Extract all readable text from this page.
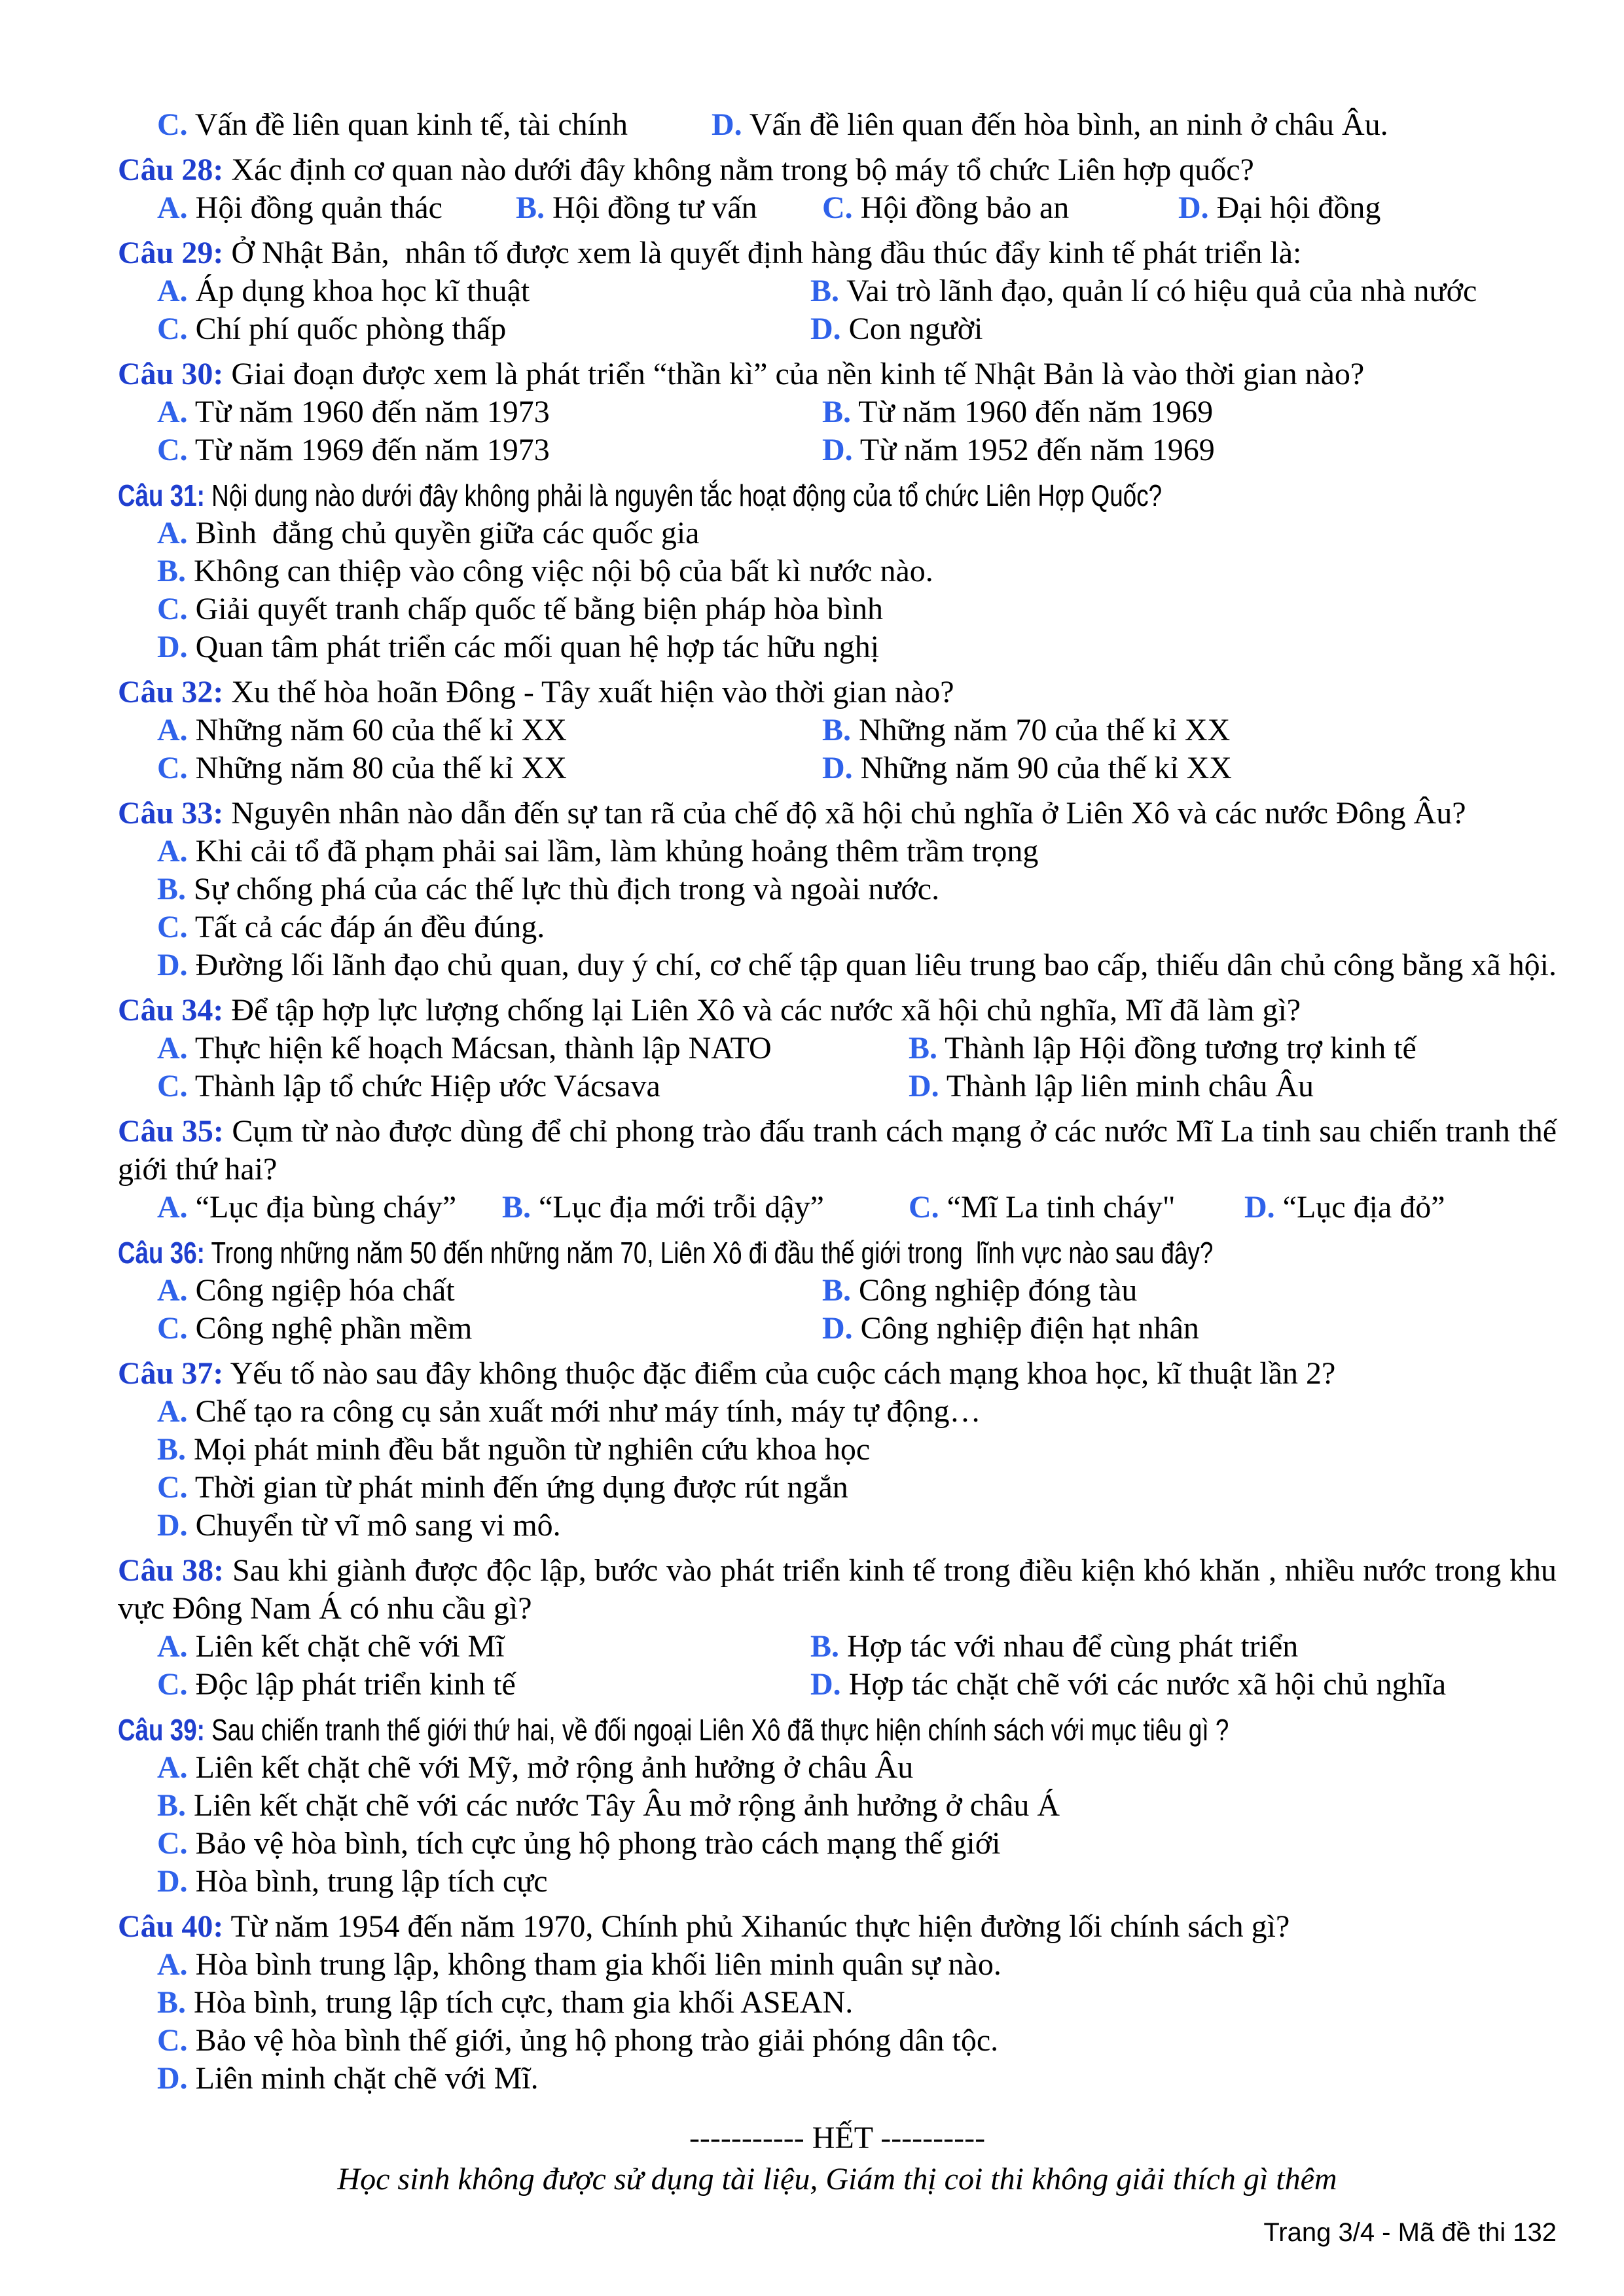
C. Vấn đề liên quan kinh tế, tài chính	D. Vấn đề liên quan đến hòa bình, an ninh ở châu Âu.
Câu 28: Xác định cơ quan nào dưới đây không nằm trong bộ máy tổ chức Liên hợp quốc?
A. Hội đồng quản thác B. Hội đồng tư vấn C. Hội đồng bảo an	D. Đại hội đồng
Câu 29: Ở Nhật Bản,  nhân tố được xem là quyết định hàng đầu thúc đẩy kinh tế phát triển là:
A. Áp dụng khoa học kĩ thuật	B. Vai trò lãnh đạo, quản lí có hiệu quả của nhà nước
C. Chí phí quốc phòng thấp	D. Con người
Câu 30: Giai đoạn được xem là phát triển “thần kì” của nền kinh tế Nhật Bản là vào thời gian nào?
A. Từ năm 1960 đến năm 1973	B. Từ năm 1960 đến năm 1969
C. Từ năm 1969 đến năm 1973	D. Từ năm 1952 đến năm 1969
Câu 31: Nội dung nào dưới đây không phải là nguyên tắc hoạt động của tổ chức Liên Hợp Quốc?
A. Bình  đẳng chủ quyền giữa các quốc gia
B. Không can thiệp vào công việc nội bộ của bất kì nước nào.
C. Giải quyết tranh chấp quốc tế bằng biện pháp hòa bình
D. Quan tâm phát triển các mối quan hệ hợp tác hữu nghị
Câu 32: Xu thế hòa hoãn Đông - Tây xuất hiện vào thời gian nào?
A. Những năm 60 của thế kỉ XX	B. Những năm 70 của thế kỉ XX
C. Những năm 80 của thế kỉ XX	D. Những năm 90 của thế kỉ XX
Câu 33: Nguyên nhân nào dẫn đến sự tan rã của chế độ xã hội chủ nghĩa ở Liên Xô và các nước Đông Âu?
A. Khi cải tổ đã phạm phải sai lầm, làm khủng hoảng thêm trầm trọng
B. Sự chống phá của các thế lực thù địch trong và ngoài nước.
C. Tất cả các đáp án đều đúng.
D. Đường lối lãnh đạo chủ quan, duy ý chí, cơ chế tập quan liêu trung bao cấp, thiếu dân chủ công bằng xã hội.
Câu 34: Để tập hợp lực lượng chống lại Liên Xô và các nước xã hội chủ nghĩa, Mĩ đã làm gì?
A. Thực hiện kế hoạch Mácsan, thành lập NATO	B. Thành lập Hội đồng tương trợ kinh tế
C. Thành lập tổ chức Hiệp ước Vácsava	D. Thành lập liên minh châu Âu
Câu 35: Cụm từ nào được dùng để chỉ phong trào đấu tranh cách mạng ở các nước Mĩ La tinh sau chiến tranh thế giới thứ hai?
A. “Lục địa bùng cháy” B. “Lục địa mới trỗi dậy”	C. “Mĩ La tinh cháy" D. “Lục địa đỏ”
Câu 36: Trong những năm 50 đến những năm 70, Liên Xô đi đầu thế giới trong  lĩnh vực nào sau đây?
A. Công ngiệp hóa chất	B. Công nghiệp đóng tàu
C. Công nghệ phần mềm	D. Công nghiệp điện hạt nhân
Câu 37: Yếu tố nào sau đây không thuộc đặc điểm của cuộc cách mạng khoa học, kĩ thuật lần 2?
A. Chế tạo ra công cụ sản xuất mới như máy tính, máy tự động…
B. Mọi phát minh đều bắt nguồn từ nghiên cứu khoa học
C. Thời gian từ phát minh đến ứng dụng được rút ngắn
D. Chuyển từ vĩ mô sang vi mô.
Câu 38: Sau khi giành được độc lập, bước vào phát triển kinh tế trong điều kiện khó khăn , nhiều nước trong khu vực Đông Nam Á có nhu cầu gì?
A. Liên kết chặt chẽ với Mĩ	B. Hợp tác với nhau để cùng phát triển
C. Độc lập phát triển kinh tế	D. Hợp tác chặt chẽ với các nước xã hội chủ nghĩa
Câu 39: Sau chiến tranh thế giới thứ hai, về đối ngoại Liên Xô đã thực hiện chính sách với mục tiêu gì ?
A. Liên kết chặt chẽ với Mỹ, mở rộng ảnh hưởng ở châu Âu
B. Liên kết chặt chẽ với các nước Tây Âu mở rộng ảnh hưởng ở châu Á
C. Bảo vệ hòa bình, tích cực ủng hộ phong trào cách mạng thế giới
D. Hòa bình, trung lập tích cực
Câu 40: Từ năm 1954 đến năm 1970, Chính phủ Xihanúc thực hiện đường lối chính sách gì?
A. Hòa bình trung lập, không tham gia khối liên minh quân sự nào.
B. Hòa bình, trung lập tích cực, tham gia khối ASEAN.
C. Bảo vệ hòa bình thế giới, ủng hộ phong trào giải phóng dân tộc.
D. Liên minh chặt chẽ với Mĩ.
----------- HẾT ----------
Học sinh không được sử dụng tài liệu, Giám thị coi thi không giải thích gì thêm
Trang 3/4 - Mã đề thi 132
